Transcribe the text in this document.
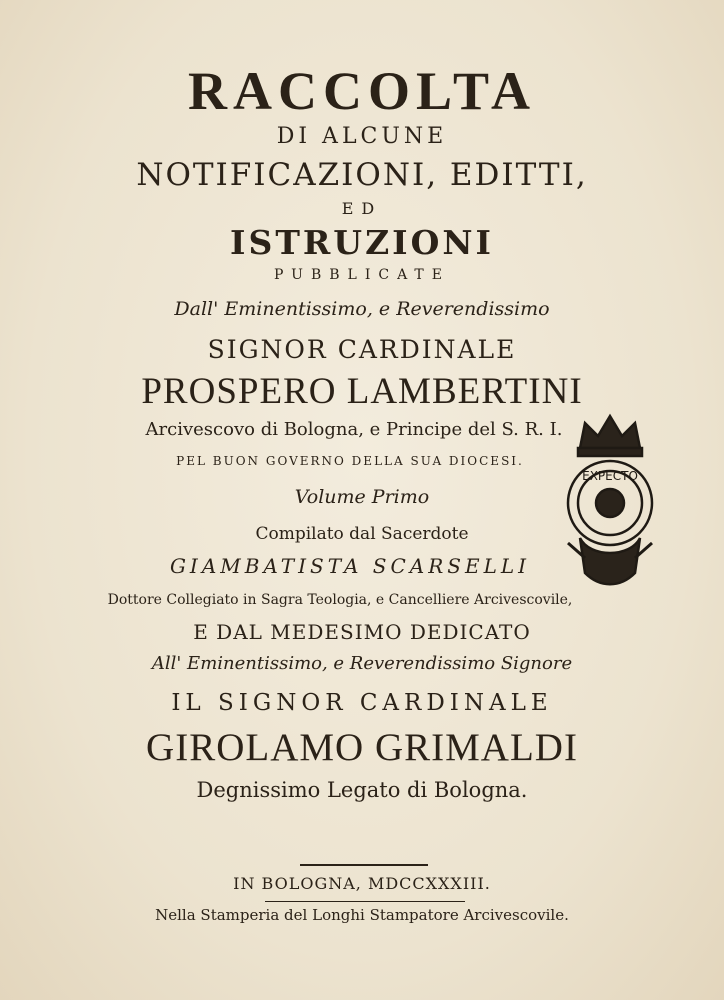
RACCOLTA
DI ALCUNE
NOTIFICAZIONI, EDITTI,
ED
ISTRUZIONI
PUBBLICATE
Dall' Eminentissimo, e Reverendissimo
SIGNOR CARDINALE
PROSPERO LAMBERTINI
Arcivescovo di Bologna, e Principe del S. R. I.
PEL BUON GOVERNO DELLA SUA DIOCESI.
Volume Primo
Compilato dal Sacerdote
GIAMBATISTA SCARSELLI
Dottore Collegiato in Sagra Teologia, e Cancelliere Arcivescovile,
E DAL MEDESIMO DEDICATO
All' Eminentissimo, e Reverendissimo Signore
IL SIGNOR CARDINALE
GIROLAMO GRIMALDI
Degnissimo Legato di Bologna.
IN BOLOGNA, MDCCXXXIII.
Nella Stamperia del Longhi Stampatore Arcivescovile.
EXPECTO
